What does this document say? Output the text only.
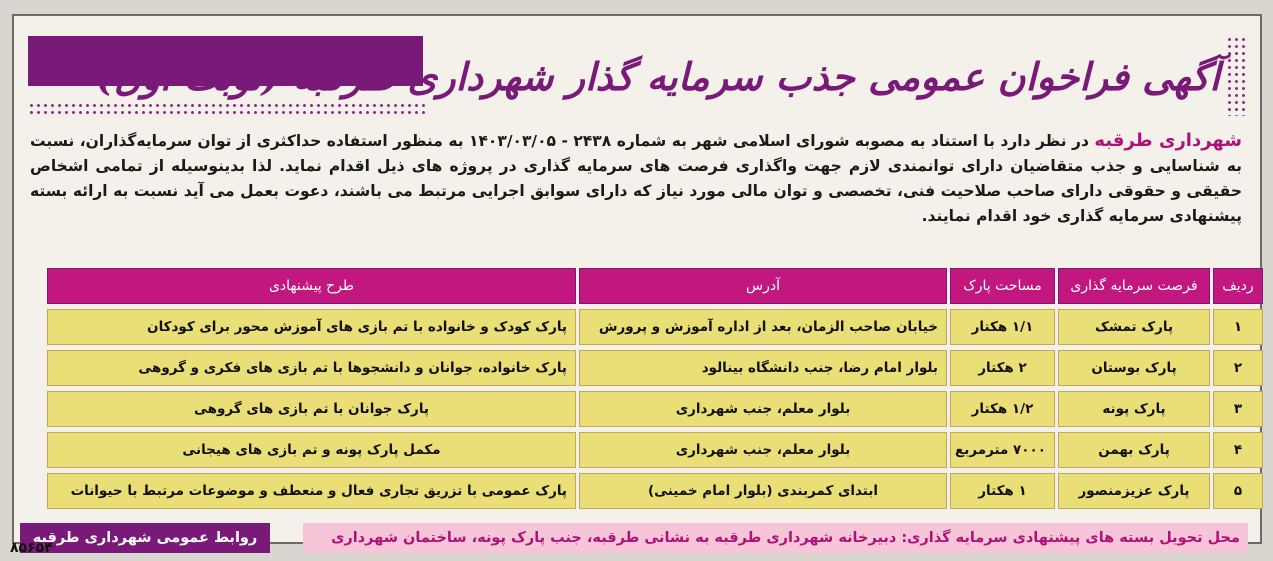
آگهی فراخوان عمومی جذب سرمایه گذار شهرداری طرقبه (نوبت اول)
شهرداری طرقبه در نظر دارد با استناد به مصوبه شورای اسلامی شهر به شماره ۲۴۳۸ - ۱۴۰۳/۰۳/۰۵ به منظور استفاده حداکثری از توان سرمایه‌گذاران، نسبت به شناسایی و جذب متقاضیان دارای توانمندی لازم جهت واگذاری فرصت های سرمایه گذاری در پروژه های ذیل اقدام نماید. لذا بدینوسیله از تمامی اشخاص حقیقی و حقوقی دارای صاحب صلاحیت فنی، تخصصی و توان مالی مورد نیاز که دارای سوابق اجرایی مرتبط می باشند، دعوت بعمل می آید نسبت به ارائه بسته پیشنهادی سرمایه گذاری خود اقدام نمایند.
ردیف	فرصت سرمایه گذاری	مساحت پارک	آدرس	طرح پیشنهادی
۱	پارک تمشک	۱/۱ هکتار	خیابان صاحب الزمان، بعد از اداره آموزش و پرورش	پارک کودک و خانواده با تم بازی های آموزش محور برای کودکان
۲	پارک بوستان	۲ هکتار	بلوار امام رضا، جنب دانشگاه بینالود	پارک خانواده، جوانان و دانشجوها با تم بازی های فکری و گروهی
۳	پارک پونه	۱/۲ هکتار	بلوار معلم، جنب شهرداری	پارک جوانان با تم بازی های گروهی
۴	پارک بهمن	۷۰۰۰ مترمربع	بلوار معلم، جنب شهرداری	مکمل پارک پونه و تم بازی های هیجانی
۵	پارک عزیزمنصور	۱ هکتار	ابتدای کمربندی (بلوار امام خمینی)	پارک عمومی با تزریق تجاری فعال و منعطف و موضوعات مرتبط با حیوانات
محل تحویل بسته های پیشنهادی سرمایه گذاری: دبیرخانه شهرداری طرقبه به نشانی طرقبه، جنب پارک پونه، ساختمان شهرداری
روابط عمومی شهرداری طرقبه
۸۵۶۵۴
